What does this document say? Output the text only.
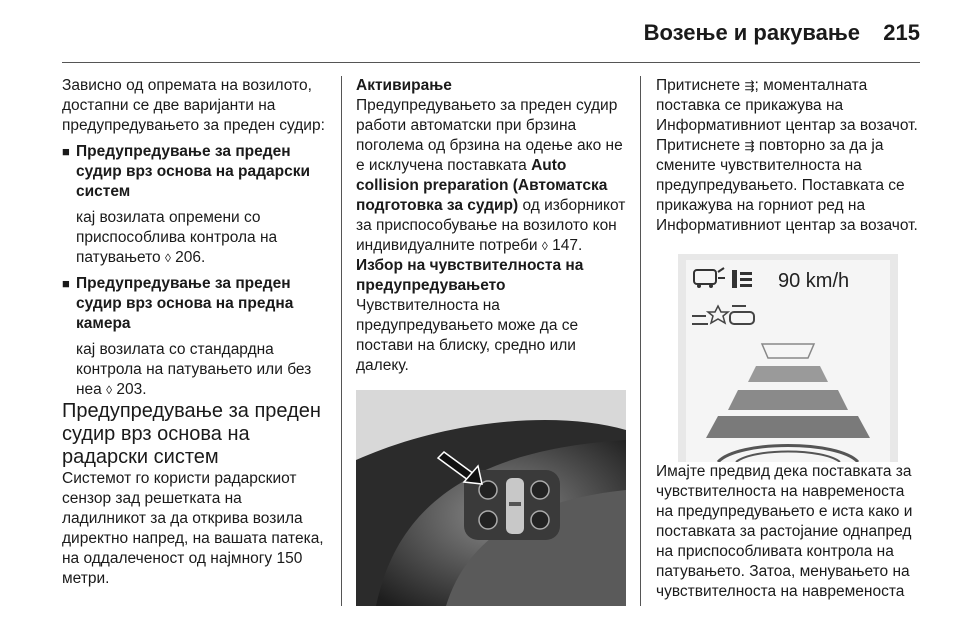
Возење и ракување 215

Зависно од опремата на возилото, достапни се две варијанти на предупредувањето за преден судир:

■ Предупредување за преден судир врз основа на радарски систем

кај возилата опремени со приспособлива контрола на патувањето ◊ 206.

■ Предупредување за преден судир врз основа на предна камера

кај возилата со стандардна контрола на патувањето или без неа ◊ 203.

Предупредување за преден судир врз основа на радарски систем

Системот го користи радарскиот сензор зад решетката на ладилникот за да открива возила директно напред, на вашата патека, на оддалеченост од најмногу 150 метри.

Активирање

Предупредувањето за преден судир работи автоматски при брзина поголема од брзина на одење ако не е исклучена поставката Auto collision preparation (Автоматска подготовка за судир) од изборникот за приспособување на возилото кон индивидуалните потреби ◊ 147.

Избор на чувствителноста на предупредувањето

Чувствителноста на предупредувањето може да се постави на блиску, средно или далеку.

Притиснете ⇶; моменталната поставка се прикажува на Информативниот центар за возачот. Притиснете ⇶ повторно за да ја смените чувствителноста на предупредувањето. Поставката се прикажува на горниот ред на Информативниот центар за возачот.

90 km/h

Имајте предвид дека поставката за чувствителноста на навременоста на предупредувањето е иста како и поставката за растојание однапред на приспособливата контрола на патувањето. Затоа, менувањето на чувствителноста на навременоста
